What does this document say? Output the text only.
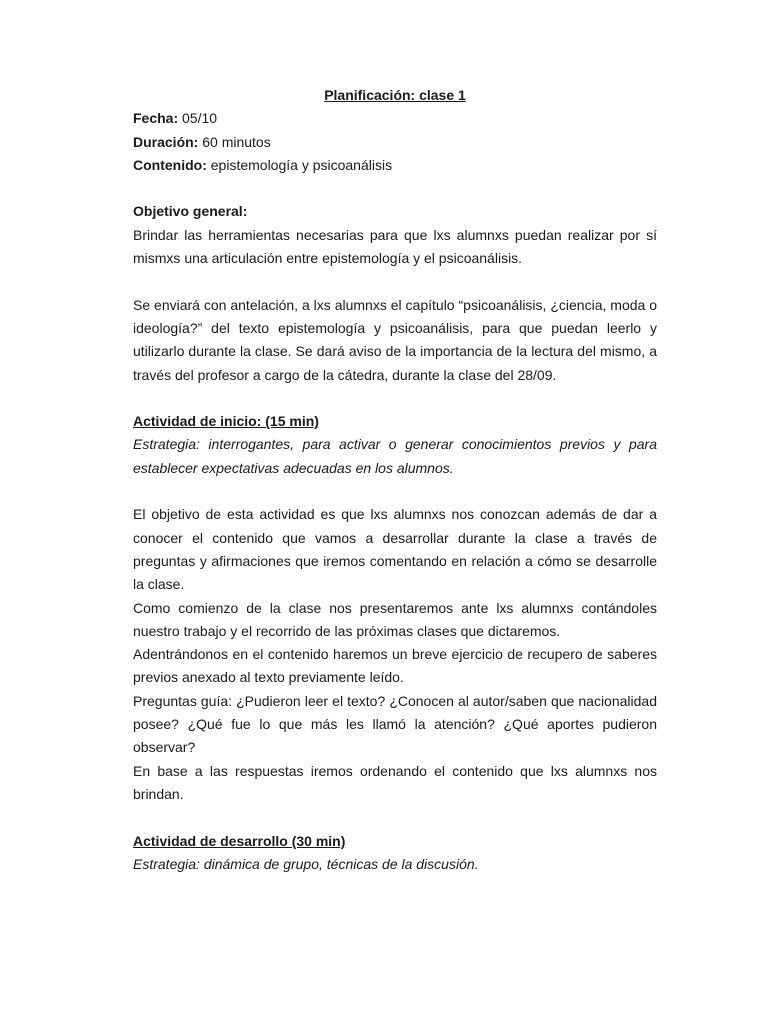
Planificación: clase 1

Fecha: 05/10

Duración: 60 minutos

Contenido: epistemología y psicoanálisis

Objetivo general:

Brindar las herramientas necesarias para que lxs alumnxs puedan realizar por sí mismxs una articulación entre epistemología y el psicoanálisis.

Se enviará con antelación, a lxs alumnxs el capítulo “psicoanálisis, ¿ciencia, moda o ideología?” del texto epistemología y psicoanálisis, para que puedan leerlo y utilizarlo durante la clase. Se dará aviso de la importancia de la lectura del mismo, a través del profesor a cargo de la cátedra, durante la clase del 28/09.

Actividad de inicio: (15 min)

Estrategia: interrogantes, para activar o generar conocimientos previos y para establecer expectativas adecuadas en los alumnos.

El objetivo de esta actividad es que lxs alumnxs nos conozcan además de dar a conocer el contenido que vamos a desarrollar durante la clase a través de preguntas y afirmaciones que iremos comentando en relación a cómo se desarrolle la clase.

Como comienzo de la clase nos presentaremos ante lxs alumnxs contándoles nuestro trabajo y el recorrido de las próximas clases que dictaremos.

Adentrándonos en el contenido haremos un breve ejercicio de recupero de saberes previos anexado al texto previamente leído.

Preguntas guía: ¿Pudieron leer el texto? ¿Conocen al autor/saben que nacionalidad posee? ¿Qué fue lo que más les llamó la atención? ¿Qué aportes pudieron observar?

En base a las respuestas iremos ordenando el contenido que lxs alumnxs nos brindan.

Actividad de desarrollo (30 min)

Estrategia: dinámica de grupo, técnicas de la discusión.
